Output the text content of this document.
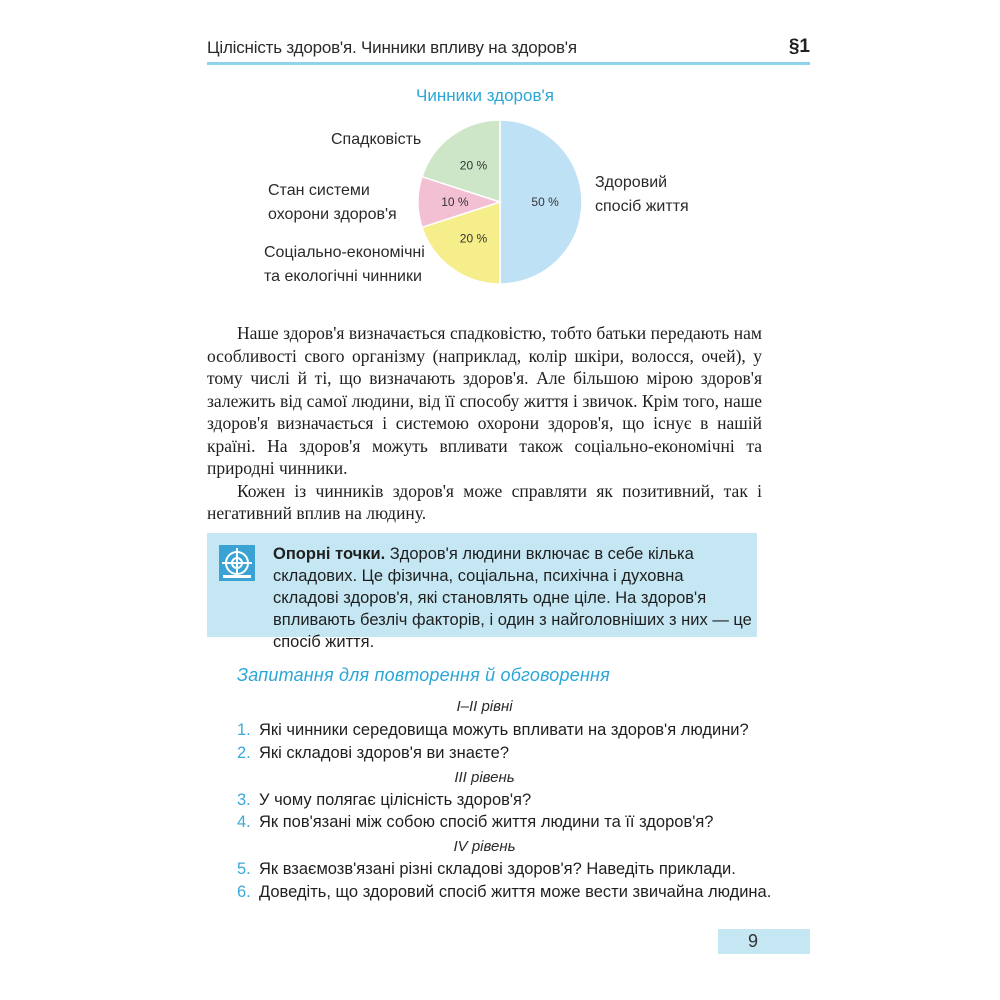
Цілісність здоров'я. Чинники впливу на здоров'я	§1
50 %
20 %
10 %
20 %
Чинники здоров'я
Спадковість
Стан системи
охорони здоров'я
Соціально-економічні
та екологічні чинники
Здоровий
спосіб життя

Наше здоров'я визначається спадковістю, тобто батьки передають нам особливості свого організму (наприклад, колір шкіри, волосся, очей), у тому числі й ті, що визначають здоров'я. Але більшою мірою здоров'я залежить від самої людини, від її способу життя і звичок. Крім того, наше здоров'я визначається і системою охорони здоров'я, що існує в нашій країні. На здоров'я можуть впливати також соціально-економічні та природні чинники.

Кожен із чинників здоров'я може справляти як позитивний, так і негативний вплив на людину.

Опорні точки. Здоров'я людини включає в себе кілька складових. Це фізична, соціальна, психічна і духовна складові здоров'я, які становлять одне ціле. На здоров'я впливають безліч факторів, і один з найголовніших з них — це спосіб життя.
Запитання для повторення й обговорення
I–II рівні
1. Які чинники середовища можуть впливати на здоров'я людини?
2. Які складові здоров'я ви знаєте?
III рівень
3. У чому полягає цілісність здоров'я?
4. Як пов'язані між собою спосіб життя людини та її здоров'я?
IV рівень
5. Як взаємозв'язані різні складові здоров'я? Наведіть приклади.
6. Доведіть, що здоровий спосіб життя може вести звичайна людина.
9
